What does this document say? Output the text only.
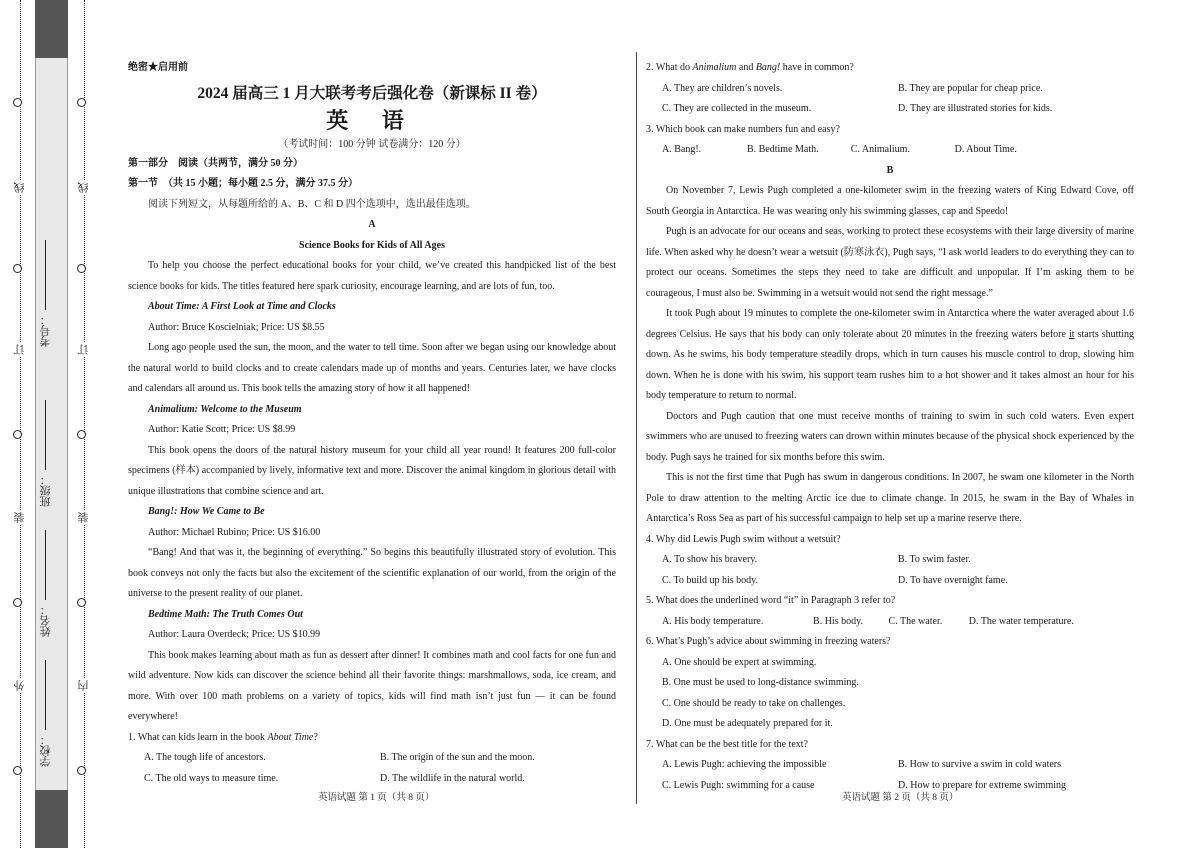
线
订
装
外
线
订
装
内
考号：
班级：
姓名：
学校：

绝密★启用前

2024 届高三 1 月大联考考后强化卷（新课标 II 卷）

英 语

（考试时间：100 分钟 试卷满分：120 分）

第一部分　阅读（共两节，满分 50 分）

第一节　（共 15 小题；每小题 2.5 分，满分 37.5 分）

阅读下列短文，从每题所给的 A、B、C 和 D 四个选项中，选出最佳选项。

A

Science Books for Kids of All Ages

To help you choose the perfect educational books for your child, we’ve created this handpicked list of the best science books for kids. The titles featured here spark curiosity, encourage learning, and are lots of fun, too.

About Time: A First Look at Time and Clocks

Author: Bruce Koscielniak; Price: US $8.55

Long ago people used the sun, the moon, and the water to tell time. Soon after we began using our knowledge about the natural world to build clocks and to create calendars made up of months and years. Centuries later, we have clocks and calendars all around us. This book tells the amazing story of how it all happened!

Animalium: Welcome to the Museum

Author: Katie Scott; Price: US $8.99

This book opens the doors of the natural history museum for your child all year round! It features 200 full-color specimens (样本) accompanied by lively, informative text and more. Discover the animal kingdom in glorious detail with unique illustrations that combine science and art.

Bang!: How We Came to Be

Author: Michael Rubino; Price: US $16.00

“Bang! And that was it, the beginning of everything.” So begins this beautifully illustrated story of evolution. This book conveys not only the facts but also the excitement of the scientific explanation of our world, from the origin of the universe to the present reality of our planet.

Bedtime Math: The Truth Comes Out

Author: Laura Overdeck; Price: US $10.99

This book makes learning about math as fun as dessert after dinner! It combines math and cool facts for one fun and wild adventure. Now kids can discover the science behind all their favorite things: marshmallows, soda, ice cream, and more. With over 100 math problems on a variety of topics, kids will find math isn’t just fun — it can be found everywhere!

1. What can kids learn in the book About Time?

A. The tough life of ancestors.	B. The origin of the sun and the moon.
C. The old ways to measure time.	D. The wildlife in the natural world.

2. What do Animalium and Bang! have in common?

A. They are children’s novels.	B. They are popular for cheap price.
C. They are collected in the museum.	D. They are illustrated stories for kids.

3. Which book can make numbers fun and easy?

A. Bang!.	B. Bedtime Math.	C. Animalium.	D. About Time.

B

On November 7, Lewis Pugh completed a one-kilometer swim in the freezing waters of King Edward Cove, off South Georgia in Antarctica. He was wearing only his swimming glasses, cap and Speedo!

Pugh is an advocate for our oceans and seas, working to protect these ecosystems with their large diversity of marine life. When asked why he doesn’t wear a wetsuit (防寒泳衣), Pugh says, “I ask world leaders to do everything they can to protect our oceans. Sometimes the steps they need to take are difficult and unpopular. If I’m asking them to be courageous, I must also be. Swimming in a wetsuit would not send the right message.”

It took Pugh about 19 minutes to complete the one-kilometer swim in Antarctica where the water averaged about 1.6 degrees Celsius. He says that his body can only tolerate about 20 minutes in the freezing waters before it starts shutting down. As he swims, his body temperature steadily drops, which in turn causes his muscle control to drop, slowing him down. When he is done with his swim, his support team rushes him to a hot shower and it takes almost an hour for his body temperature to return to normal.

Doctors and Pugh caution that one must receive months of training to swim in such cold waters. Even expert swimmers who are unused to freezing waters can drown within minutes because of the physical shock experienced by the body. Pugh says he trained for six months before this swim.

This is not the first time that Pugh has swum in dangerous conditions. In 2007, he swam one kilometer in the North Pole to draw attention to the melting Arctic ice due to climate change. In 2015, he swam in the Bay of Whales in Antarctica’s Ross Sea as part of his successful campaign to help set up a marine reserve there.

4. Why did Lewis Pugh swim without a wetsuit?

A. To show his bravery.	B. To swim faster.
C. To build up his body.	D. To have overnight fame.

5. What does the underlined word “it” in Paragraph 3 refer to?

A. His body temperature.	B. His body.	C. The water.	D. The water temperature.

6. What’s Pugh’s advice about swimming in freezing waters?

A. One should be expert at swimming.

B. One must be used to long-distance swimming.

C. One should be ready to take on challenges.

D. One must be adequately prepared for it.

7. What can be the best title for the text?

A. Lewis Pugh: achieving the impossible	B. How to survive a swim in cold waters
C. Lewis Pugh: swimming for a cause	D. How to prepare for extreme swimming
英语试题 第 1 页（共 8 页）	英语试题 第 2 页（共 8 页）
